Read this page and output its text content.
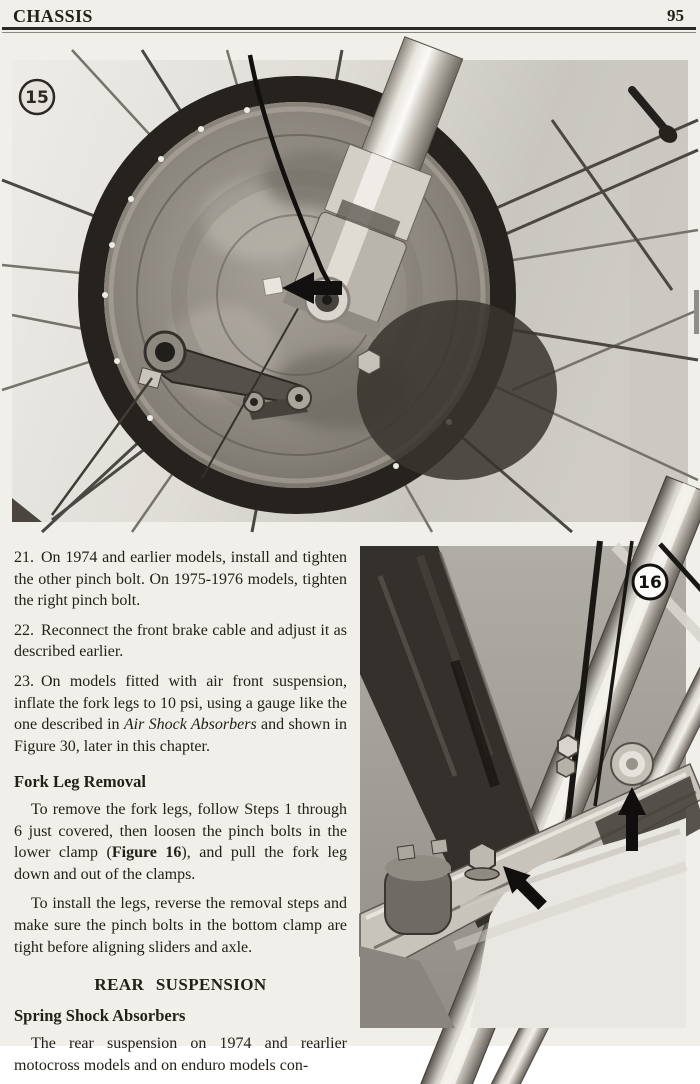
CHASSIS	95
15

21. On 1974 and earlier models, install and tighten the other pinch bolt. On 1975-1976 models, tighten the right pinch bolt.

22. Reconnect the front brake cable and adjust it as described earlier.

23. On models fitted with air front suspension, inflate the fork legs to 10 psi, using a gauge like the one described in Air Shock Absorbers and shown in Figure 30, later in this chapter.

Fork Leg Removal

To remove the fork legs, follow Steps 1 through 6 just covered, then loosen the pinch bolts in the lower clamp (Figure 16), and pull the fork leg down and out of the clamps.

To install the legs, reverse the removal steps and make sure the pinch bolts in the bottom clamp are tight before aligning sliders and axle.

REAR SUSPENSION
Spring Shock Absorbers

The rear suspension on 1974 and rearlier motocross models and on enduro models con-

16
